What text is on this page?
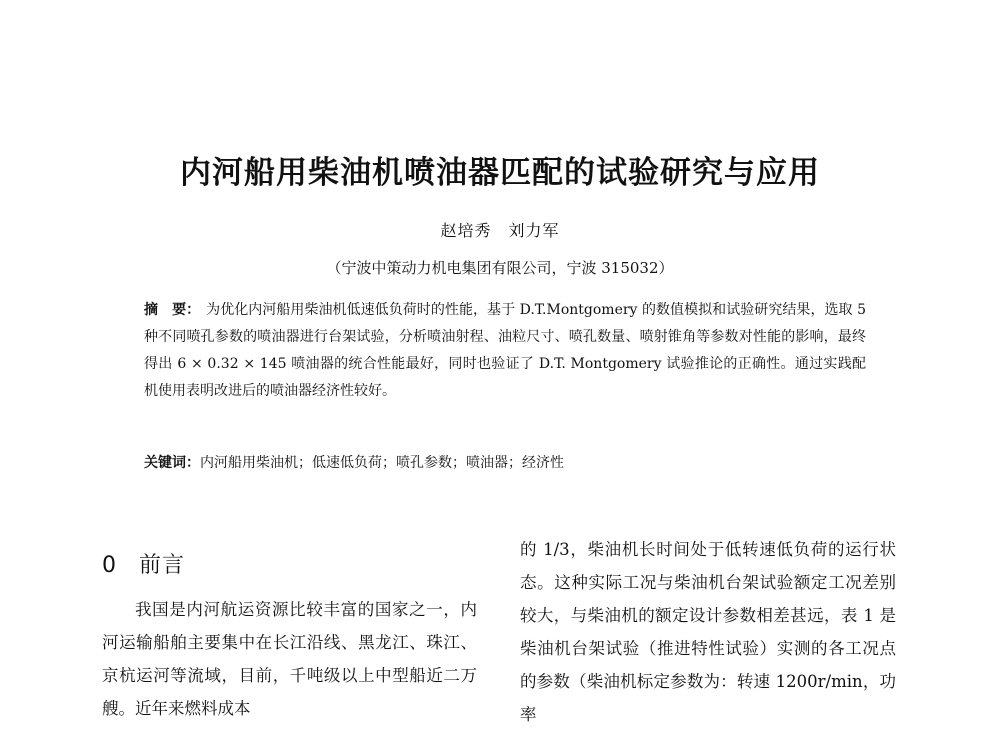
内河船用柴油机喷油器匹配的试验研究与应用
赵培秀　刘力军
（宁波中策动力机电集团有限公司，宁波 315032）
摘　要： 为优化内河船用柴油机低速低负荷时的性能，基于 D.T.Montgomery 的数值模拟和试验研究结果，选取 5 种不同喷孔参数的喷油器进行台架试验，分析喷油射程、油粒尺寸、喷孔数量、喷射锥角等参数对性能的影响，最终得出 6 × 0.32 × 145 喷油器的统合性能最好，同时也验证了 D.T. Montgomery 试验推论的正确性。通过实践配机使用表明改进后的喷油器经济性较好。
关键词：内河船用柴油机；低速低负荷；喷孔参数；喷油器；经济性
0 前言

我国是内河航运资源比较丰富的国家之一，内河运输船舶主要集中在长江沿线、黑龙江、珠江、京杭运河等流域，目前，千吨级以上中型船近二万艘。近年来燃料成本

的 1/3，柴油机长时间处于低转速低负荷的运行状态。这种实际工况与柴油机台架试验额定工况差别较大，与柴油机的额定设计参数相差甚远，表 1 是柴油机台架试验（推进特性试验）实测的各工况点的参数（柴油机标定参数为：转速 1200r/min，功率
